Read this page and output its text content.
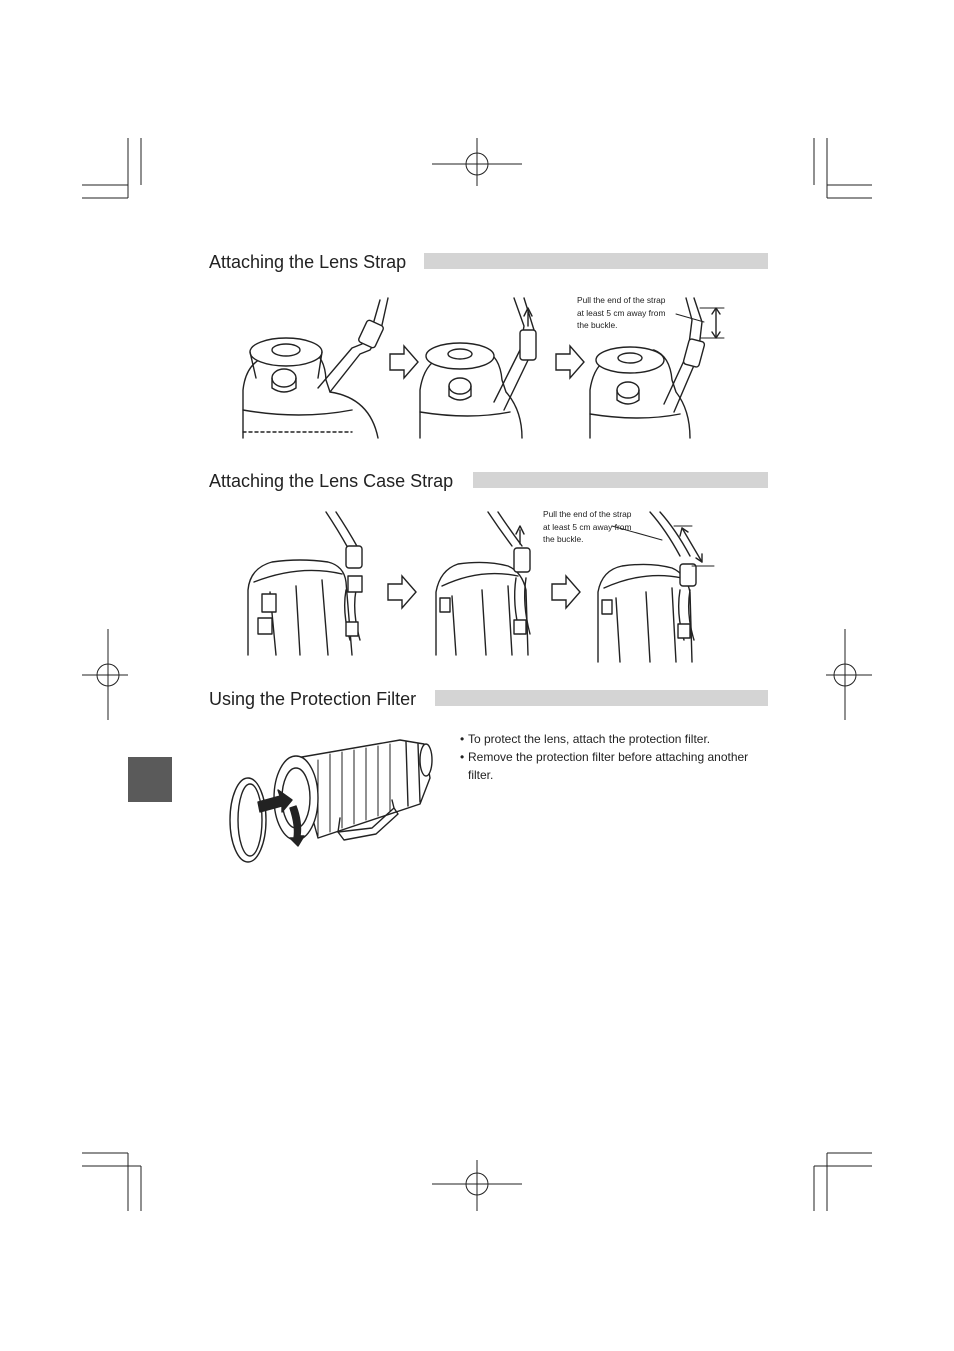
Attaching the Lens Strap
Pull the end of the strap
at least 5 cm away from
the buckle.
Attaching the Lens Case Strap
Pull the end of the strap
at least 5 cm away from
the buckle.
Using the Protection Filter
• To protect the lens, attach the protection filter.
• Remove the protection filter before attaching another
filter.
